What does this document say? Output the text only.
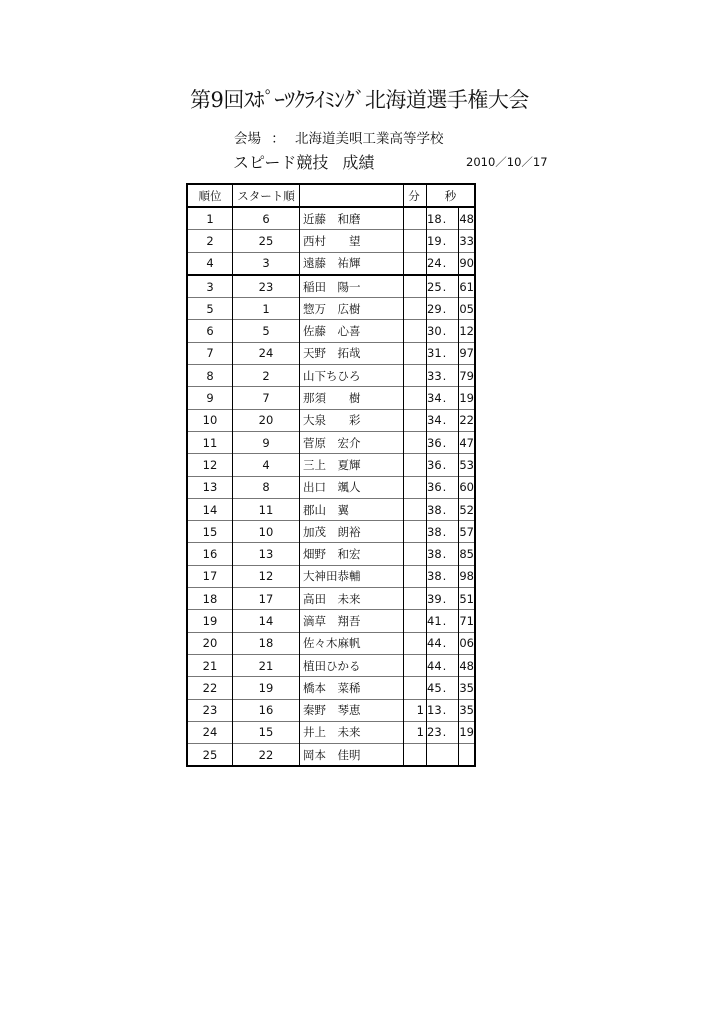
第9回ｽﾎﾟｰﾂｸﾗｲﾐﾝｸﾞ北海道選手権大会
会場 ： 北海道美唄工業高等学校
スピード競技 成績	2010／10／17
順位	スタート順		分	秒		
1	6	近藤　和磨		18	.	48
2	25	西村　　望		19	.	33
4	3	遠藤　祐輝		24	.	90
3	23	稲田　陽一		25	.	61
5	1	惣万　広樹		29	.	05
6	5	佐藤　心喜		30	.	12
7	24	天野　拓哉		31	.	97
8	2	山下ちひろ		33	.	79
9	7	那須　　樹		34	.	19
10	20	大泉　　彩		34	.	22
11	9	菅原　宏介		36	.	47
12	4	三上　夏輝		36	.	53
13	8	出口　颯人		36	.	60
14	11	郡山　翼		38	.	52
15	10	加茂　朗裕		38	.	57
16	13	畑野　和宏		38	.	85
17	12	大神田恭輔		38	.	98
18	17	高田　未来		39	.	51
19	14	滴草　翔吾		41	.	71
20	18	佐々木麻帆		44	.	06
21	21	植田ひかる		44	.	48
22	19	橋本　菜稀		45	.	35
23	16	秦野　琴恵	1	13	.	35
24	15	井上　未来	1	23	.	19
25	22	岡本　佳明				
